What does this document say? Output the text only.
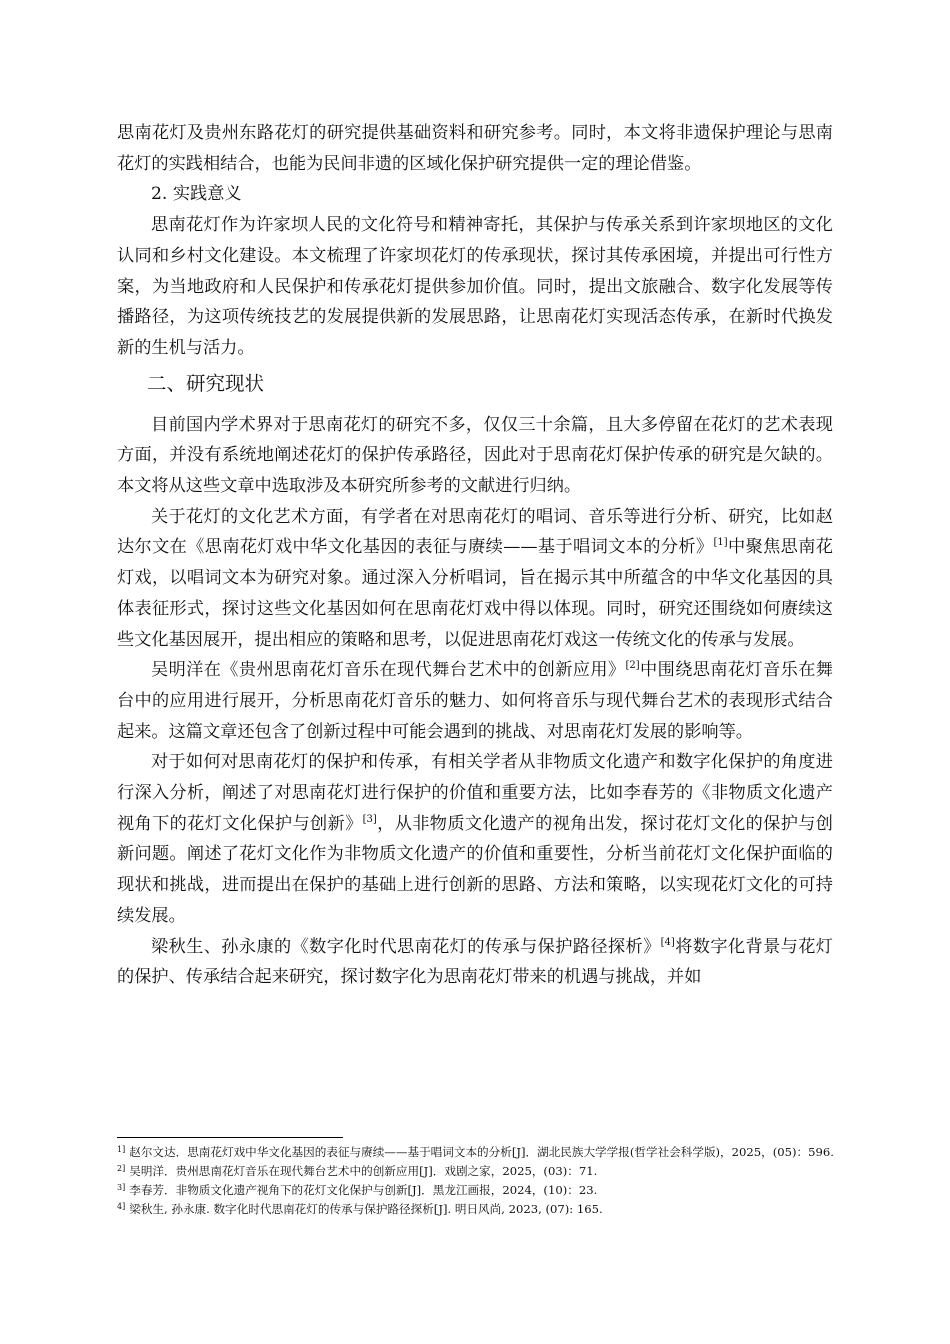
思南花灯及贵州东路花灯的研究提供基础资料和研究参考。同时，本文将非遗保护理论与思南花灯的实践相结合，也能为民间非遗的区域化保护研究提供一定的理论借鉴。

2. 实践意义

思南花灯作为许家坝人民的文化符号和精神寄托，其保护与传承关系到许家坝地区的文化认同和乡村文化建设。本文梳理了许家坝花灯的传承现状，探讨其传承困境，并提出可行性方案，为当地政府和人民保护和传承花灯提供参加价值。同时，提出文旅融合、数字化发展等传播路径，为这项传统技艺的发展提供新的发展思路，让思南花灯实现活态传承，在新时代换发新的生机与活力。

二、研究现状

目前国内学术界对于思南花灯的研究不多，仅仅三十余篇，且大多停留在花灯的艺术表现方面，并没有系统地阐述花灯的保护传承路径，因此对于思南花灯保护传承的研究是欠缺的。本文将从这些文章中选取涉及本研究所参考的文献进行归纳。

关于花灯的文化艺术方面，有学者在对思南花灯的唱词、音乐等进行分析、研究，比如赵达尔文在《思南花灯戏中华文化基因的表征与赓续——基于唱词文本的分析》[1]中聚焦思南花灯戏，以唱词文本为研究对象。通过深入分析唱词，旨在揭示其中所蕴含的中华文化基因的具体表征形式，探讨这些文化基因如何在思南花灯戏中得以体现。同时，研究还围绕如何赓续这些文化基因展开，提出相应的策略和思考，以促进思南花灯戏这一传统文化的传承与发展。

吴明洋在《贵州思南花灯音乐在现代舞台艺术中的创新应用》[2]中围绕思南花灯音乐在舞台中的应用进行展开，分析思南花灯音乐的魅力、如何将音乐与现代舞台艺术的表现形式结合起来。这篇文章还包含了创新过程中可能会遇到的挑战、对思南花灯发展的影响等。

对于如何对思南花灯的保护和传承，有相关学者从非物质文化遗产和数字化保护的角度进行深入分析，阐述了对思南花灯进行保护的价值和重要方法，比如李春芳的《非物质文化遗产视角下的花灯文化保护与创新》[3]，从非物质文化遗产的视角出发，探讨花灯文化的保护与创新问题。阐述了花灯文化作为非物质文化遗产的价值和重要性，分析当前花灯文化保护面临的现状和挑战，进而提出在保护的基础上进行创新的思路、方法和策略，以实现花灯文化的可持续发展。

梁秋生、孙永康的《数字化时代思南花灯的传承与保护路径探析》[4]将数字化背景与花灯的保护、传承结合起来研究，探讨数字化为思南花灯带来的机遇与挑战，并如

$^{1]}$ 赵尔文达．思南花灯戏中华文化基因的表征与赓续——基于唱词文本的分析[J]．湖北民族大学学报(哲学社会科学版)，2025，(05)：596.

$^{2]}$ 吴明洋．贵州思南花灯音乐在现代舞台艺术中的创新应用[J]．戏剧之家，2025，(03)：71.

$^{3]}$ 李春芳．非物质文化遗产视角下的花灯文化保护与创新[J]．黑龙江画报，2024，(10)：23.

$^{4]}$ 梁秋生, 孙永康. 数字化时代思南花灯的传承与保护路径探析[J]. 明日风尚, 2023, (07): 165.
